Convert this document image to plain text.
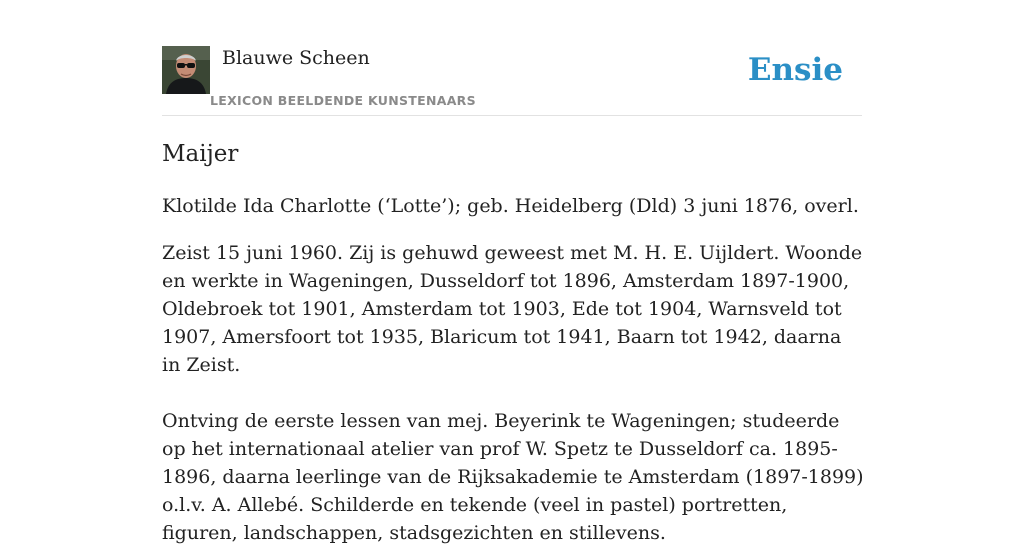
Blauwe Scheen
LEXICON BEELDENDE KUNSTENAARS
Ensie
Maijer

Klotilde Ida Charlotte (‘Lotte’); geb. Heidelberg (Dld) 3 juni 1876, overl.

Zeist 15 juni 1960. Zij is gehuwd geweest met M. H. E. Uijldert. Woonde en werkte in Wageningen, Dusseldorf tot 1896, Amsterdam 1897-1900, Oldebroek tot 1901, Amsterdam tot 1903, Ede tot 1904, Warnsveld tot 1907, Amersfoort tot 1935, Blaricum tot 1941, Baarn tot 1942, daarna in Zeist.

Ontving de eerste lessen van mej. Beyerink te Wageningen; studeerde op het internationaal atelier van prof W. Spetz te Dusseldorf ca. 1895-1896, daarna leerlinge van de Rijksakademie te Amsterdam (1897-1899) o.l.v. A. Allebé. Schilderde en tekende (veel in pastel) portretten, figuren, landschappen, stadsgezichten en stillevens.
